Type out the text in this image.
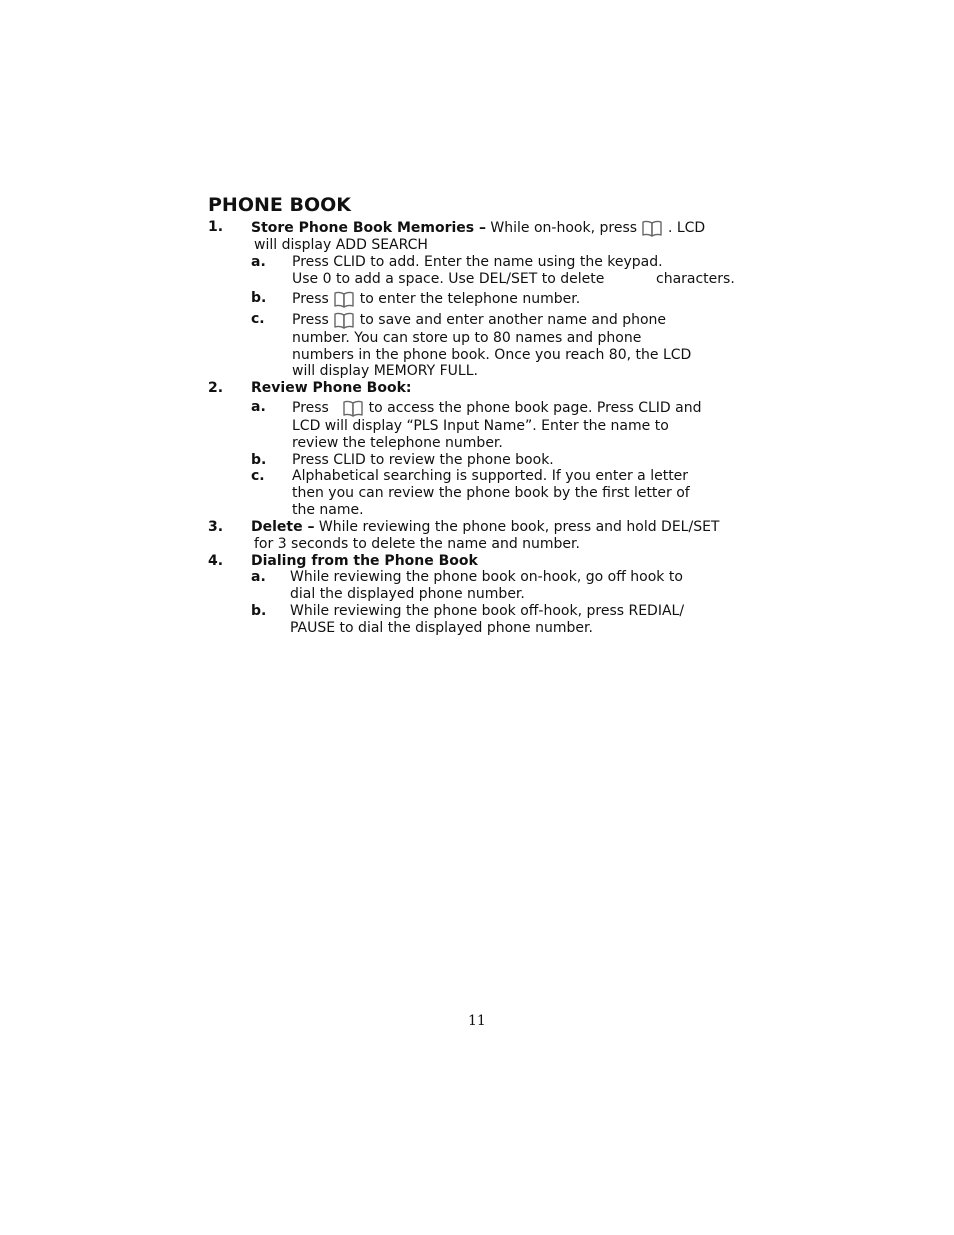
PHONE BOOK
1. Store Phone Book Memories – While on-hook, press . LCD
will display ADD SEARCH
a. Press CLID to add. Enter the name using the keypad.
Use 0 to add a space. Use DEL/SET to delete	characters.
b. Press to enter the telephone number.
c. Press to save and enter another name and phone
number. You can store up to 80 names and phone
numbers in the phone book. Once you reach 80, the LCD
will display MEMORY FULL.
2. Review Phone Book:
a. Press	to access the phone book page. Press CLID and
LCD will display “PLS Input Name”. Enter the name to
review the telephone number.
b. Press CLID to review the phone book.
c. Alphabetical searching is supported. If you enter a letter
then you can review the phone book by the first letter of
the name.
3. Delete – While reviewing the phone book, press and hold DEL/SET
for 3 seconds to delete the name and number.
4. Dialing from the Phone Book
a. While reviewing the phone book on-hook, go off hook to
dial the displayed phone number.
b. While reviewing the phone book off-hook, press REDIAL/
PAUSE to dial the displayed phone number.
11
